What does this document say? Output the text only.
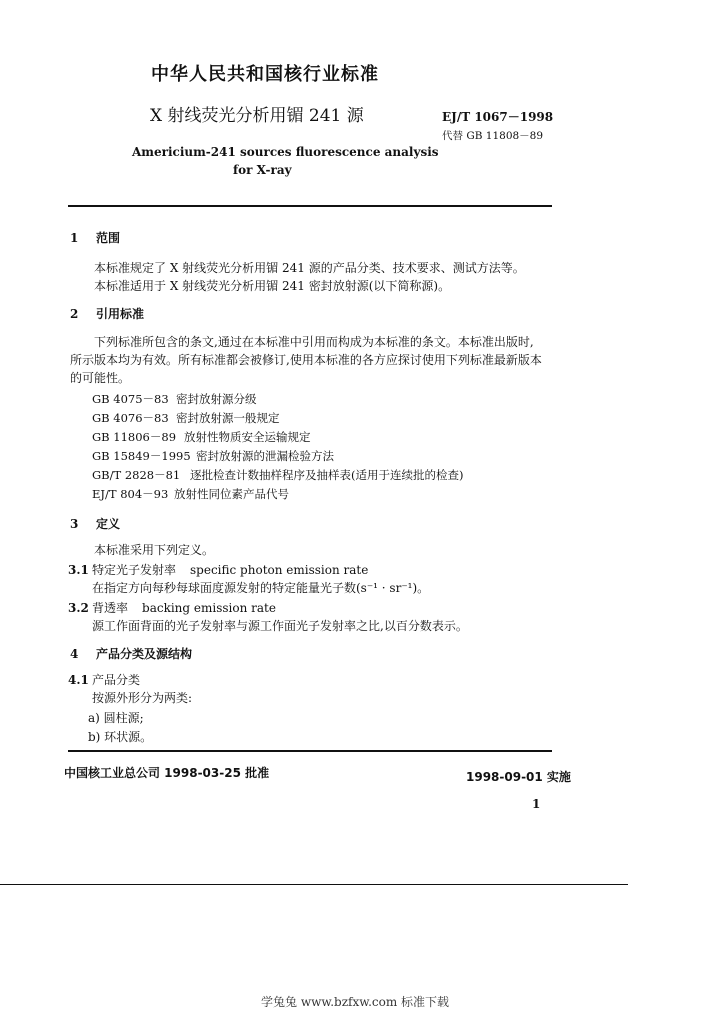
中华人民共和国核行业标准
X 射线荧光分析用镅 241 源	EJ/T 1067－1998
代替 GB 11808－89
Americium-241 sources fluorescence analysis
for X-ray
1 范围
本标准规定了 X 射线荧光分析用镅 241 源的产品分类、技术要求、测试方法等。
本标准适用于 X 射线荧光分析用镅 241 密封放射源(以下简称源)。
2 引用标准
下列标准所包含的条文,通过在本标准中引用而构成为本标准的条文。本标准出版时,
所示版本均为有效。所有标准都会被修订,使用本标准的各方应探讨使用下列标准最新版本
的可能性。
GB 4075－83 密封放射源分级
GB 4076－83 密封放射源一般规定
GB 11806－89 放射性物质安全运输规定
GB 15849－1995 密封放射源的泄漏检验方法
GB/T 2828－81 逐批检查计数抽样程序及抽样表(适用于连续批的检查)
EJ/T 804－93 放射性同位素产品代号
3 定义
本标准采用下列定义。
3.1 特定光子发射率 specific photon emission rate
在指定方向每秒每球面度源发射的特定能量光子数(s⁻¹ · sr⁻¹)。
3.2 背透率 backing emission rate
源工作面背面的光子发射率与源工作面光子发射率之比,以百分数表示。
4 产品分类及源结构
4.1 产品分类
按源外形分为两类:
a) 圆柱源;
b) 环状源。
中国核工业总公司 1998-03-25 批准	1998-09-01 实施
1
学兔兔 www.bzfxw.com 标准下载
